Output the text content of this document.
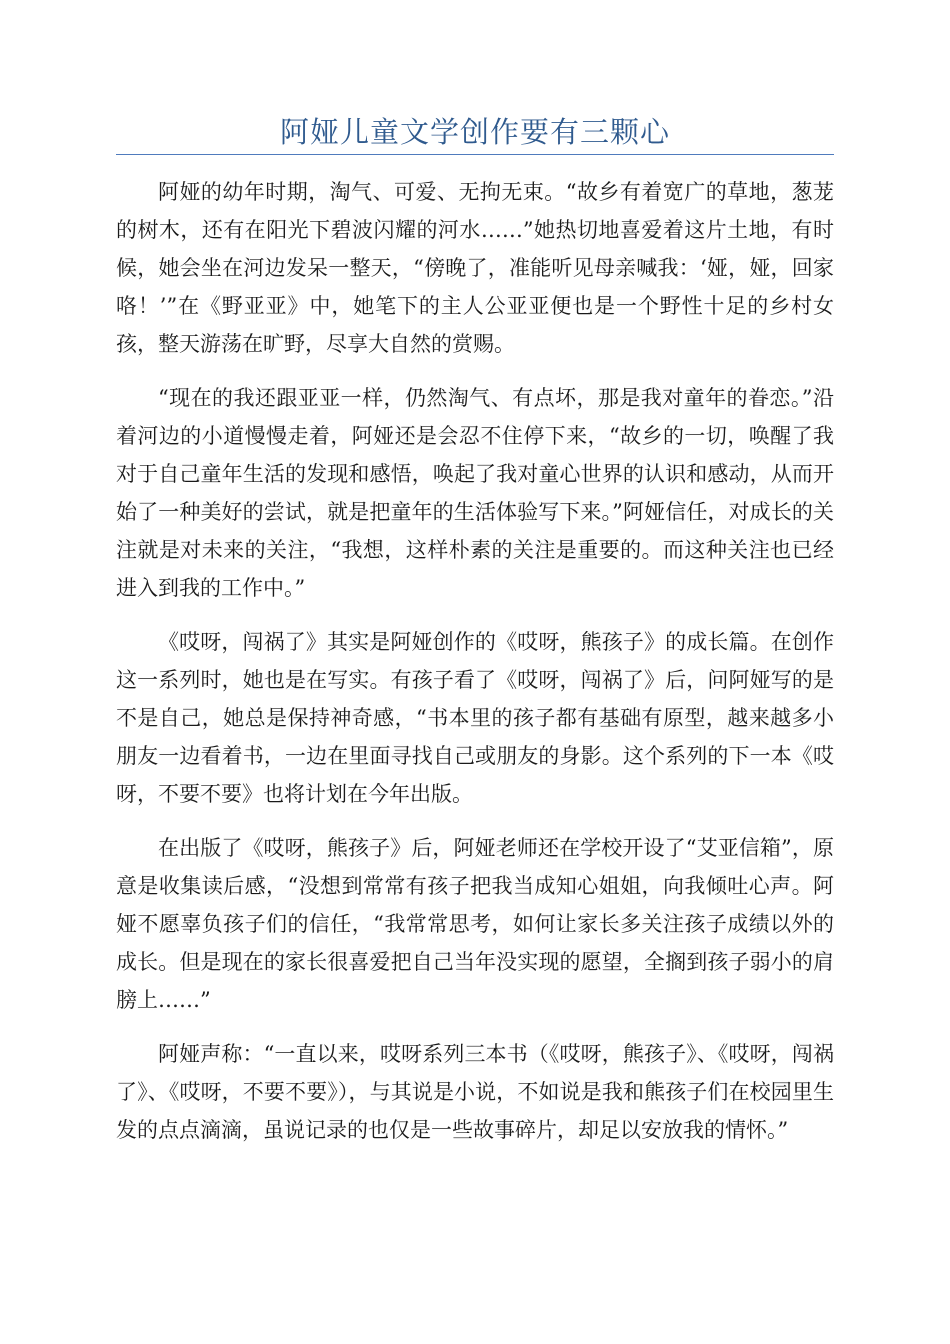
阿娅儿童文学创作要有三颗心

阿娅的幼年时期，淘气、可爱、无拘无束。“故乡有着宽广的草地，葱茏的树木，还有在阳光下碧波闪耀的河水……”她热切地喜爱着这片土地，有时候，她会坐在河边发呆一整天，“傍晚了，准能听见母亲喊我：‘娅，娅，回家咯！’”在《野亚亚》中，她笔下的主人公亚亚便也是一个野性十足的乡村女孩，整天游荡在旷野，尽享大自然的赏赐。

“现在的我还跟亚亚一样，仍然淘气、有点坏，那是我对童年的眷恋。”沿着河边的小道慢慢走着，阿娅还是会忍不住停下来，“故乡的一切，唤醒了我对于自己童年生活的发现和感悟，唤起了我对童心世界的认识和感动，从而开始了一种美好的尝试，就是把童年的生活体验写下来。”阿娅信任，对成长的关注就是对未来的关注，“我想，这样朴素的关注是重要的。而这种关注也已经进入到我的工作中。”

《哎呀，闯祸了》其实是阿娅创作的《哎呀，熊孩子》的成长篇。在创作这一系列时，她也是在写实。有孩子看了《哎呀，闯祸了》后，问阿娅写的是不是自己，她总是保持神奇感，“书本里的孩子都有基础有原型，越来越多小朋友一边看着书，一边在里面寻找自己或朋友的身影。这个系列的下一本《哎呀，不要不要》也将计划在今年出版。

在出版了《哎呀，熊孩子》后，阿娅老师还在学校开设了“艾亚信箱”，原意是收集读后感，“没想到常常有孩子把我当成知心姐姐，向我倾吐心声。阿娅不愿辜负孩子们的信任，“我常常思考，如何让家长多关注孩子成绩以外的成长。但是现在的家长很喜爱把自己当年没实现的愿望，全搁到孩子弱小的肩膀上……”

阿娅声称：“一直以来，哎呀系列三本书（《哎呀，熊孩子》、《哎呀，闯祸了》、《哎呀，不要不要》），与其说是小说，不如说是我和熊孩子们在校园里生发的点点滴滴，虽说记录的也仅是一些故事碎片，却足以安放我的情怀。”
